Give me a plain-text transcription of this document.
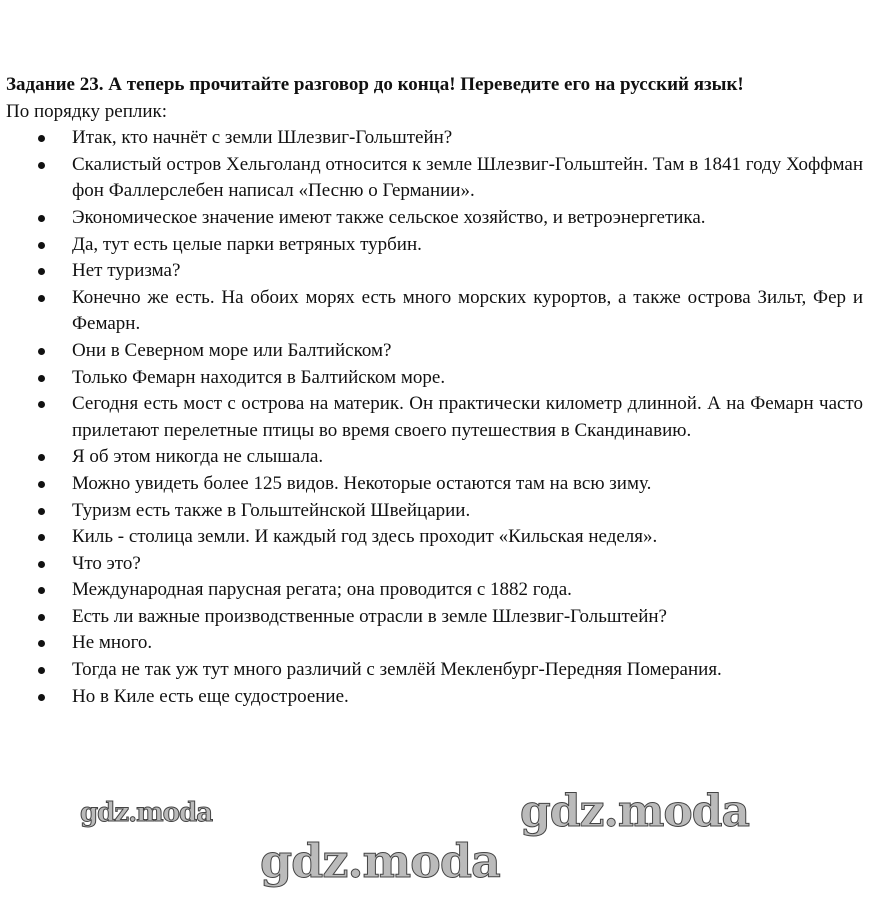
Задание 23. А теперь прочитайте разговор до конца! Переведите его на русский язык!

По порядку реплик:

Итак, кто начнёт с земли Шлезвиг-Гольштейн?
Скалистый остров Хельголанд относится к земле Шлезвиг-Гольштейн. Там в 1841 году Хоффман фон Фаллерслебен написал «Песню о Германии».
Экономическое значение имеют также сельское хозяйство, и ветроэнергетика.
Да, тут есть целые парки ветряных турбин.
Нет туризма?
Конечно же есть. На обоих морях есть много морских курортов, а также острова Зильт, Фер и Фемарн.
Они в Северном море или Балтийском?
Только Фемарн находится в Балтийском море.
Сегодня есть мост с острова на материк. Он практически километр длинной. А на Фемарн часто прилетают перелетные птицы во время своего путешествия в Скандинавию.
Я об этом никогда не слышала.
Можно увидеть более 125 видов. Некоторые остаются там на всю зиму.
Туризм есть также в Гольштейнской Швейцарии.
Киль - столица земли. И каждый год здесь проходит «Кильская неделя».
Что это?
Международная парусная регата; она проводится с 1882 года.
Есть ли важные производственные отрасли в земле Шлезвиг-Гольштейн?
Не много.
Тогда не так уж тут много различий с землёй Мекленбург-Передняя Померания.
Но в Киле есть еще судостроение.
gdz.moda	gdz.moda
gdz.moda
